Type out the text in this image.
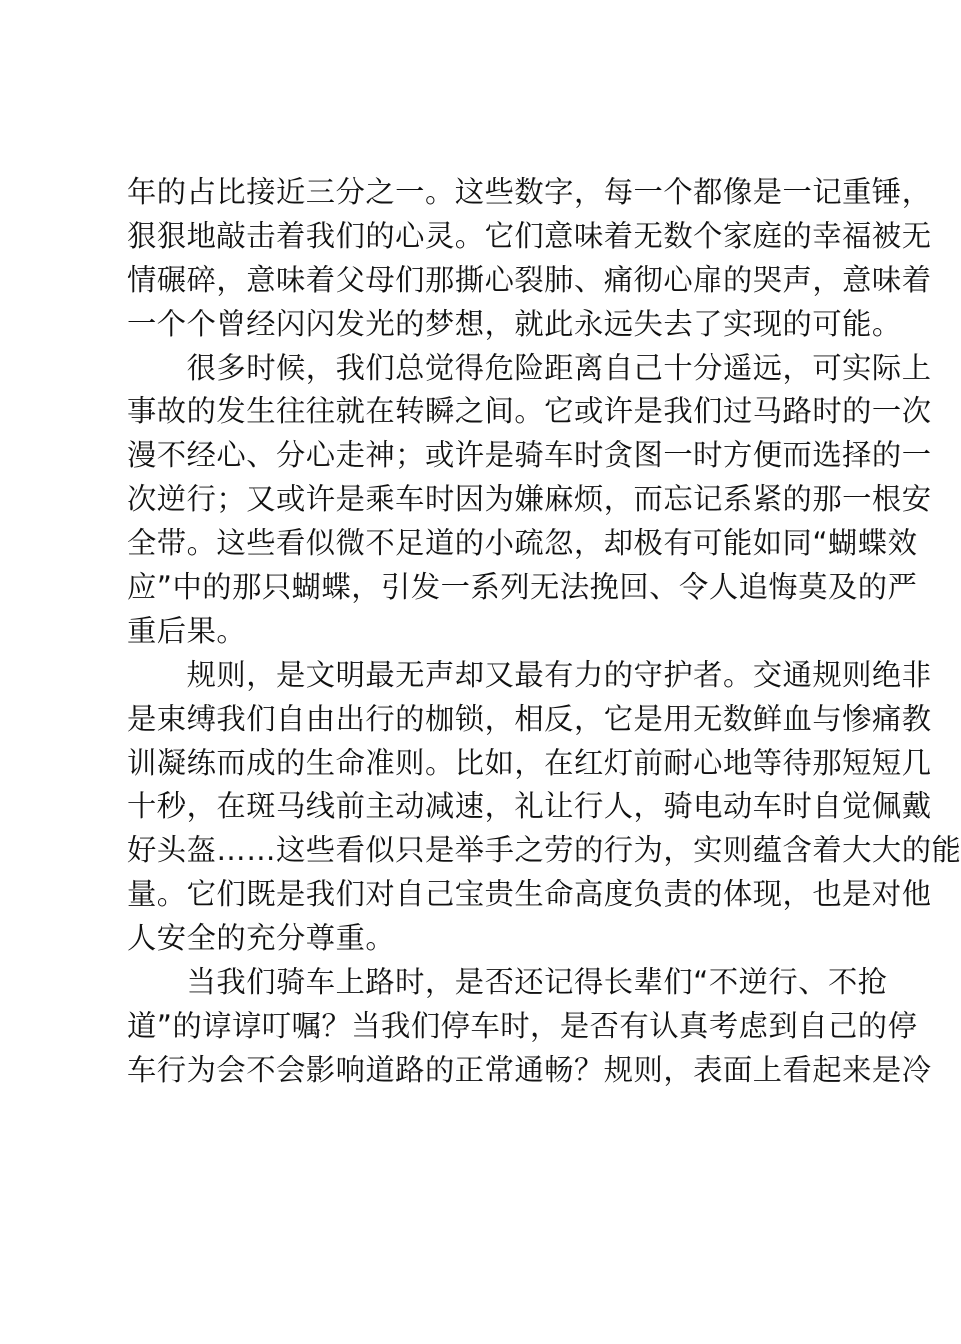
年的占比接近三分之一。这些数字，每一个都像是一记重锤，
狠狠地敲击着我们的心灵。它们意味着无数个家庭的幸福被无
情碾碎，意味着父母们那撕心裂肺、痛彻心扉的哭声，意味着
一个个曾经闪闪发光的梦想，就此永远失去了实现的可能。

　　很多时候，我们总觉得危险距离自己十分遥远，可实际上
事故的发生往往就在转瞬之间。它或许是我们过马路时的一次
漫不经心、分心走神；或许是骑车时贪图一时方便而选择的一
次逆行；又或许是乘车时因为嫌麻烦，而忘记系紧的那一根安
全带。这些看似微不足道的小疏忽，却极有可能如同“蝴蝶效
应”中的那只蝴蝶，引发一系列无法挽回、令人追悔莫及的严
重后果。

　　规则，是文明最无声却又最有力的守护者。交通规则绝非
是束缚我们自由出行的枷锁，相反，它是用无数鲜血与惨痛教
训凝练而成的生命准则。比如，在红灯前耐心地等待那短短几
十秒，在斑马线前主动减速，礼让行人，骑电动车时自觉佩戴
好头盔……这些看似只是举手之劳的行为，实则蕴含着大大的能
量。它们既是我们对自己宝贵生命高度负责的体现，也是对他
人安全的充分尊重。

　　当我们骑车上路时，是否还记得长辈们“不逆行、不抢
道”的谆谆叮嘱？当我们停车时，是否有认真考虑到自己的停
车行为会不会影响道路的正常通畅？规则，表面上看起来是冷
